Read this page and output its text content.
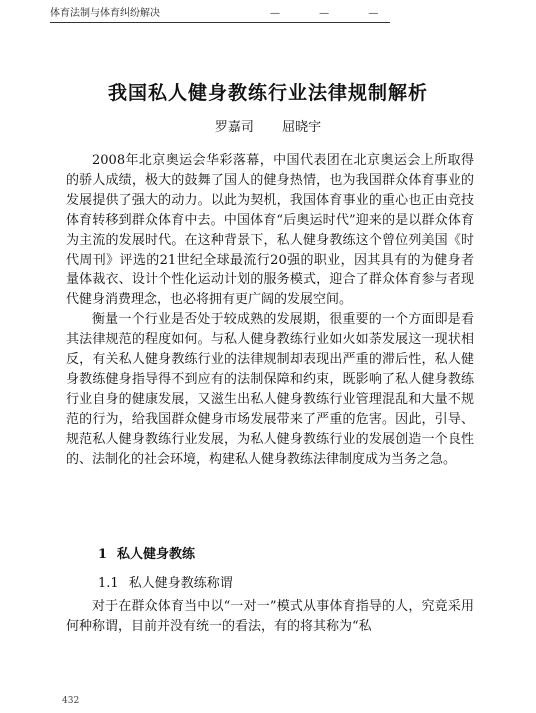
体育法制与体育纠纷解决	— — —
我国私人健身教练行业法律规制解析
罗嘉司 屈晓宇

2008年北京奥运会华彩落幕，中国代表团在北京奥运会上所取得的骄人成绩，极大的鼓舞了国人的健身热情，也为我国群众体育事业的发展提供了强大的动力。以此为契机，我国体育事业的重心也正由竞技体育转移到群众体育中去。中国体育“后奥运时代”迎来的是以群众体育为主流的发展时代。在这种背景下，私人健身教练这个曾位列美国《时代周刊》评选的21世纪全球最流行20强的职业，因其具有的为健身者量体裁衣、设计个性化运动计划的服务模式，迎合了群众体育参与者现代健身消费理念，也必将拥有更广阔的发展空间。

衡量一个行业是否处于较成熟的发展期，很重要的一个方面即是看其法律规范的程度如何。与私人健身教练行业如火如荼发展这一现状相反，有关私人健身教练行业的法律规制却表现出严重的滞后性，私人健身教练健身指导得不到应有的法制保障和约束，既影响了私人健身教练行业自身的健康发展，又滋生出私人健身教练行业管理混乱和大量不规范的行为，给我国群众健身市场发展带来了严重的危害。因此，引导、规范私人健身教练行业发展，为私人健身教练行业的发展创造一个良性的、法制化的社会环境，构建私人健身教练法律制度成为当务之急。

1 私人健身教练
1.1 私人健身教练称谓

对于在群众体育当中以“一对一”模式从事体育指导的人，究竟采用何种称谓，目前并没有统一的看法，有的将其称为“私

432
